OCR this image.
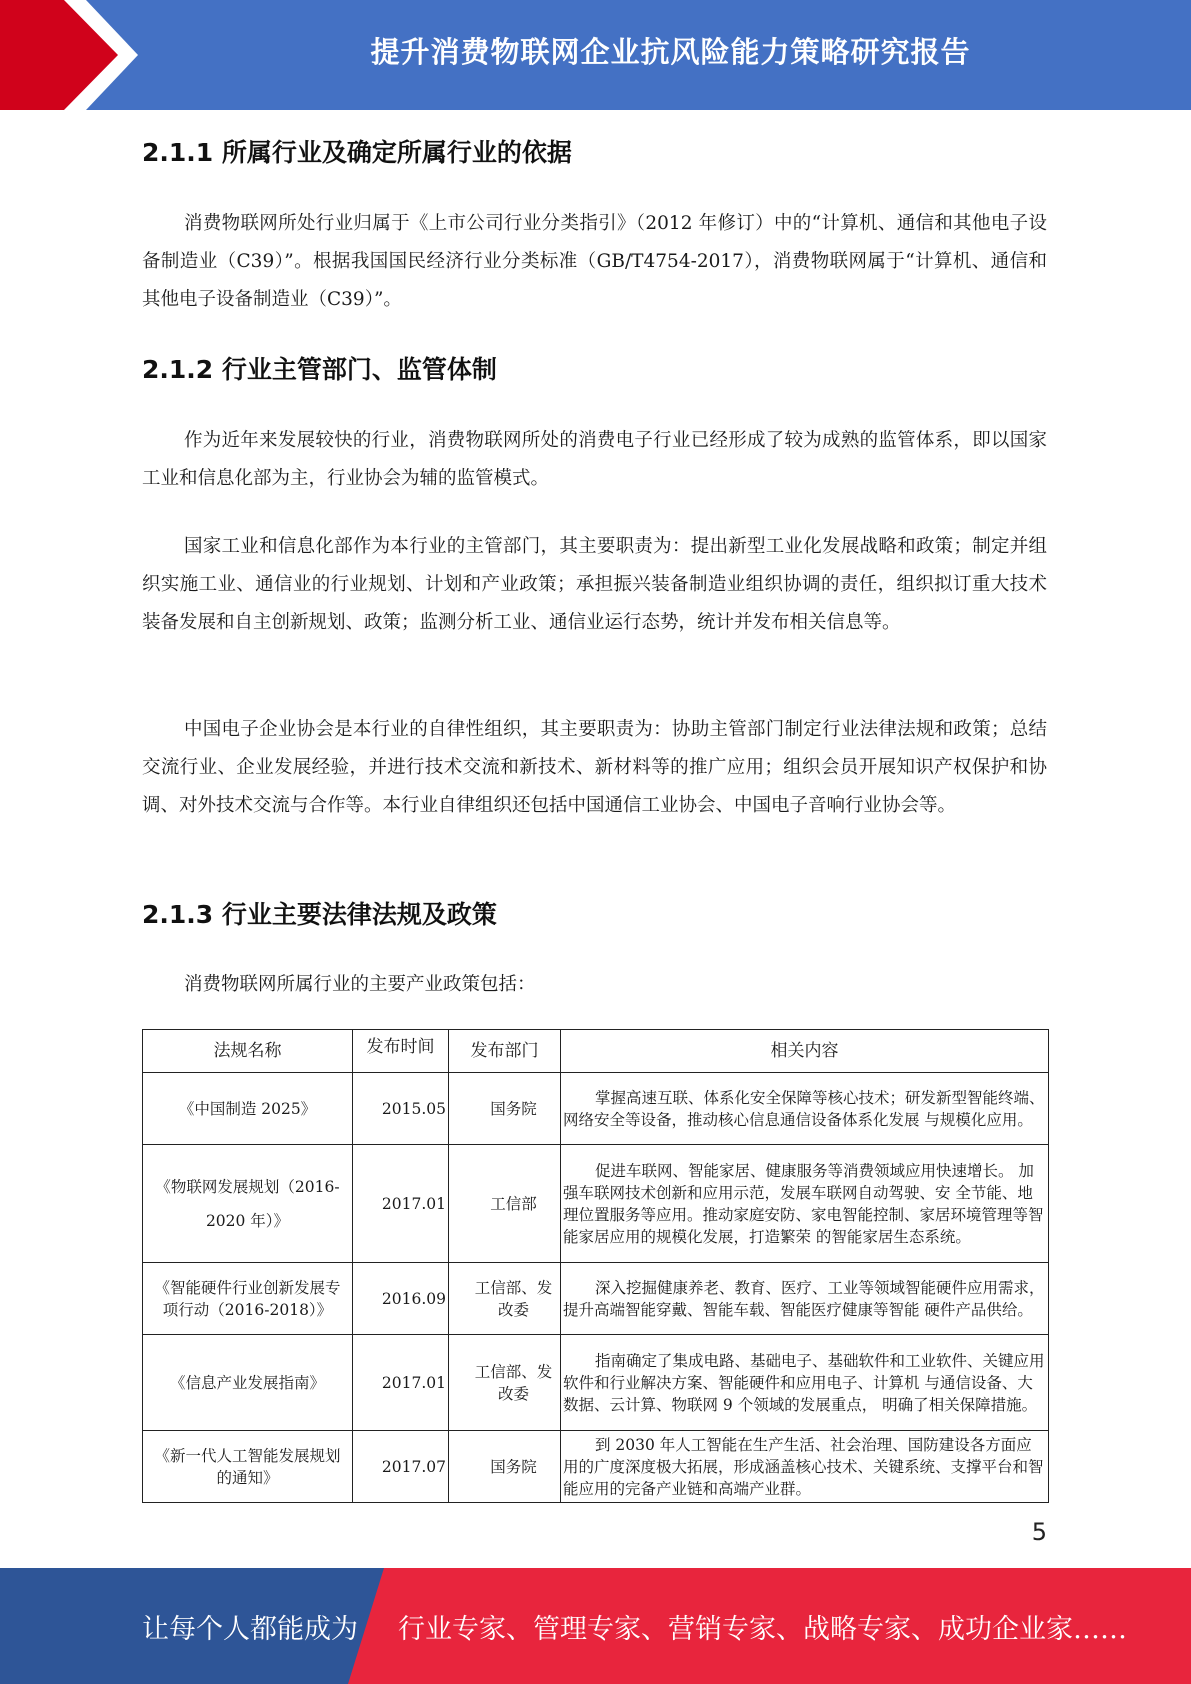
提升消费物联网企业抗风险能力策略研究报告
2.1.1 所属行业及确定所属行业的依据

消费物联网所处行业归属于《上市公司行业分类指引》（2012 年修订）中的“计算机、通信和其他电子设备制造业（C39）”。根据我国国民经济行业分类标准（GB/T4754-2017），消费物联网属于“计算机、通信和其他电子设备制造业（C39）”。

2.1.2 行业主管部门、监管体制

作为近年来发展较快的行业，消费物联网所处的消费电子行业已经形成了较为成熟的监管体系，即以国家工业和信息化部为主，行业协会为辅的监管模式。

国家工业和信息化部作为本行业的主管部门，其主要职责为：提出新型工业化发展战略和政策；制定并组织实施工业、通信业的行业规划、计划和产业政策；承担振兴装备制造业组织协调的责任，组织拟订重大技术装备发展和自主创新规划、政策；监测分析工业、通信业运行态势，统计并发布相关信息等。

中国电子企业协会是本行业的自律性组织，其主要职责为：协助主管部门制定行业法律法规和政策；总结交流行业、企业发展经验，并进行技术交流和新技术、新材料等的推广应用；组织会员开展知识产权保护和协调、对外技术交流与合作等。本行业自律组织还包括中国通信工业协会、中国电子音响行业协会等。

2.1.3 行业主要法律法规及政策

消费物联网所属行业的主要产业政策包括：

法规名称	发布时间	发布部门	相关内容
《中国制造 2025》	2015.05	国务院	掌握高速互联、体系化安全保障等核心技术；研发新型智能终端、网络安全等设备，推动核心信息通信设备体系化发展 与规模化应用。
《物联网发展规划（2016-2020 年）》	2017.01	工信部	促进车联网、智能家居、健康服务等消费领域应用快速增长。 加强车联网技术创新和应用示范，发展车联网自动驾驶、安 全节能、地理位置服务等应用。推动家庭安防、家电智能控制、家居环境管理等智能家居应用的规模化发展，打造繁荣 的智能家居生态系统。
《智能硬件行业创新发展专项行动（2016-2018）》	2016.09	工信部、发 改委	深入挖掘健康养老、教育、医疗、工业等领域智能硬件应用需求，提升高端智能穿戴、智能车载、智能医疗健康等智能 硬件产品供给。
《信息产业发展指南》	2017.01	工信部、发 改委	指南确定了集成电路、基础电子、基础软件和工业软件、关键应用软件和行业解决方案、智能硬件和应用电子、计算机 与通信设备、大数据、云计算、物联网 9 个领域的发展重点， 明确了相关保障措施。
《新一代人工智能发展规划的通知》	2017.07	国务院	到 2030 年人工智能在生产生活、社会治理、国防建设各方面应用的广度深度极大拓展，形成涵盖核心技术、关键系统、支撑平台和智能应用的完备产业链和高端产业群。
5
让每个人都能成为 行业专家、管理专家、营销专家、战略专家、成功企业家……
